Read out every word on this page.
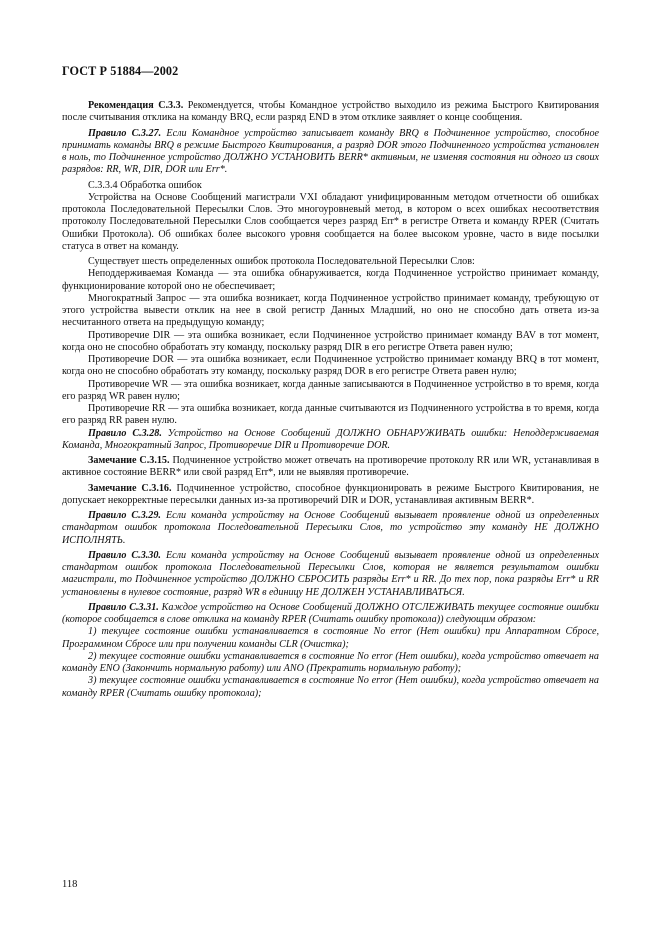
ГОСТ Р 51884—2002

Рекомендация С.3.3. Рекомендуется, чтобы Командное устройство выходило из режима Быстрого Квитирования после считывания отклика на команду BRQ, если разряд END в этом отклике заявляет о конце сообщения.

Правило С.3.27. Если Командное устройство записывает команду BRQ в Подчиненное устройство, способное принимать команды BRQ в режиме Быстрого Квитирования, а разряд DOR этого Подчиненного устройства установлен в ноль, то Подчиненное устройство ДОЛЖНО УСТАНОВИТЬ BERR* активным, не изменяя состояния ни одного из своих разрядов: RR, WR, DIR, DOR или Err*.

С.3.3.4 Обработка ошибок

Устройства на Основе Сообщений магистрали VXI обладают унифицированным методом отчетности об ошибках протокола Последовательной Пересылки Слов. Это многоуровневый метод, в котором о всех ошибках несоответствия протоколу Последовательной Пересылки Слов сообщается через разряд Err* в регистре Ответа и команду RPER (Считать Ошибки Протокола). Об ошибках более высокого уровня сообщается на более высоком уровне, часто в виде посылки статуса в ответ на команду.

Существует шесть определенных ошибок протокола Последовательной Пересылки Слов:

Неподдерживаемая Команда — эта ошибка обнаруживается, когда Подчиненное устройство принимает команду, функционирование которой оно не обеспечивает;

Многократный Запрос — эта ошибка возникает, когда Подчиненное устройство принимает команду, требующую от этого устройства вывести отклик на нее в свой регистр Данных Младший, но оно не способно дать ответа из-за несчитанного ответа на предыдущую команду;

Противоречие DIR — эта ошибка возникает, если Подчиненное устройство принимает команду BAV в тот момент, когда оно не способно обработать эту команду, поскольку разряд DIR в его регистре Ответа равен нулю;

Противоречие DOR — эта ошибка возникает, если Подчиненное устройство принимает команду BRQ в тот момент, когда оно не способно обработать эту команду, поскольку разряд DOR в его регистре Ответа равен нулю;

Противоречие WR — эта ошибка возникает, когда данные записываются в Подчиненное устройство в то время, когда его разряд WR равен нулю;

Противоречие RR — эта ошибка возникает, когда данные считываются из Подчиненного устройства в то время, когда его разряд RR равен нулю.

Правило С.3.28. Устройство на Основе Сообщений ДОЛЖНО ОБНАРУЖИВАТЬ ошибки: Неподдерживаемая Команда, Многократный Запрос, Противоречие DIR и Противоречие DOR.

Замечание С.3.15. Подчиненное устройство может отвечать на противоречие протоколу RR или WR, устанавливая в активное состояние BERR* или свой разряд Err*, или не выявляя противоречие.

Замечание С.3.16. Подчиненное устройство, способное функционировать в режиме Быстрого Квитирования, не допускает некорректные пересылки данных из-за противоречий DIR и DOR, устанавливая активным BERR*.

Правило С.3.29. Если команда устройству на Основе Сообщений вызывает проявление одной из определенных стандартом ошибок протокола Последовательной Пересылки Слов, то устройство эту команду НЕ ДОЛЖНО ИСПОЛНЯТЬ.

Правило С.3.30. Если команда устройству на Основе Сообщений вызывает проявление одной из определенных стандартом ошибок протокола Последовательной Пересылки Слов, которая не является результатом ошибки магистрали, то Подчиненное устройство ДОЛЖНО СБРОСИТЬ разряды Err* и RR. До тех пор, пока разряды Err* и RR установлены в нулевое состояние, разряд WR в единицу НЕ ДОЛЖЕН УСТАНАВЛИВАТЬСЯ.

Правило С.3.31. Каждое устройство на Основе Сообщений ДОЛЖНО ОТСЛЕЖИВАТЬ текущее состояние ошибки (которое сообщается в слове отклика на команду RPER (Считать ошибку протокола)) следующим образом:

1) текущее состояние ошибки устанавливается в состояние No error (Нет ошибки) при Аппаратном Сбросе, Программном Сбросе или при получении команды CLR (Очистка);

2) текущее состояние ошибки устанавливается в состояние No error (Нет ошибки), когда устройство отвечает на команду ENO (Закончить нормальную работу) или ANO (Прекратить нормальную работу);

3) текущее состояние ошибки устанавливается в состояние No error (Нет ошибки), когда устройство отвечает на команду RPER (Считать ошибку протокола);

118
